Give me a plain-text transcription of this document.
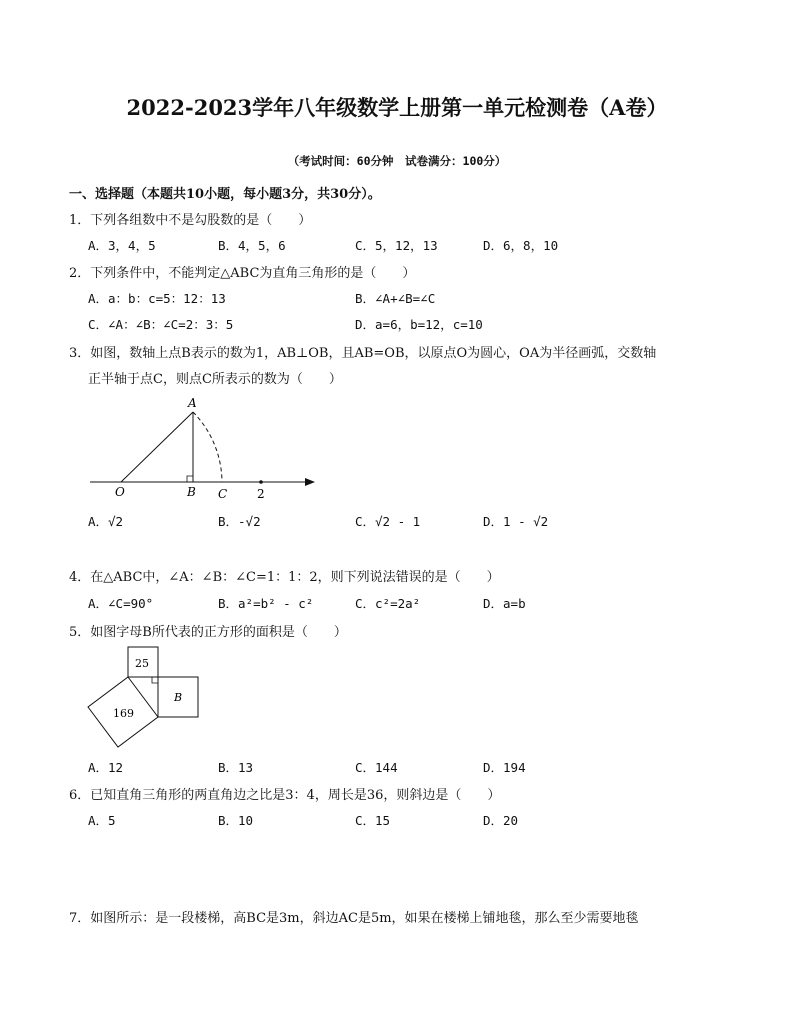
2022-2023学年八年级数学上册第一单元检测卷（A卷）
（考试时间：60分钟　试卷满分：100分）
一、选择题（本题共10小题，每小题3分，共30分）。
1．下列各组数中不是勾股数的是（　　）
A．3，4，5	B．4，5，6	C．5，12，13	D．6，8，10
2．下列条件中，不能判定△ABC为直角三角形的是（　　）
A．a：b：c=5：12：13	B．∠A+∠B=∠C
C．∠A：∠B：∠C=2：3：5	D．a=6，b=12，c=10
3．如图，数轴上点B表示的数为1，AB⊥OB，且AB=OB，以原点O为圆心，OA为半径画弧，交数轴
正半轴于点C，则点C所表示的数为（　　）
A
O	B C 2
A．√2	B．-√2	C．√2 - 1	D．1 - √2
4．在△ABC中，∠A：∠B：∠C=1：1：2，则下列说法错误的是（　　）
A．∠C=90°	B．a²=b² - c²	C．c²=2a²	D．a=b
5．如图字母B所代表的正方形的面积是（　　）
25
169
B
A．12	B．13	C．144	D．194
6．已知直角三角形的两直角边之比是3：4，周长是36，则斜边是（　　）
A．5	B．10	C．15	D．20
7．如图所示：是一段楼梯，高BC是3m，斜边AC是5m，如果在楼梯上铺地毯，那么至少需要地毯
